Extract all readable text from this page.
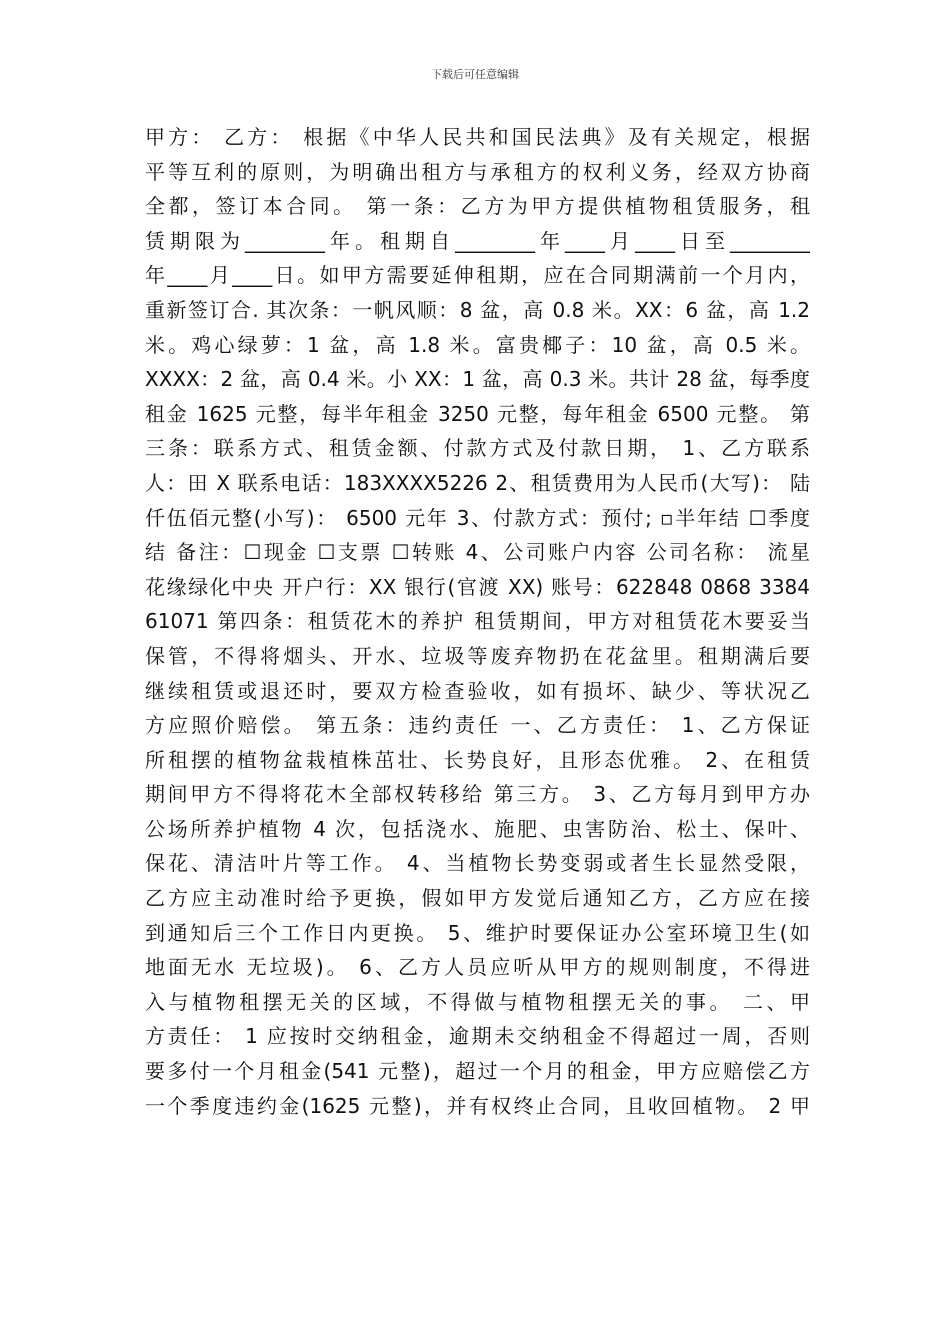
下载后可任意编辑
甲方： 乙方： 根据《中华人民共和国民法典》及有关规定，根据
平等互利的原则，为明确出租方与承租方的权利义务，经双方协商
全都，签订本合同。 第一条：乙方为甲方提供植物租赁服务，租
赁期限为________年。租期自________年____月____日至________
年____月____日。如甲方需要延伸租期，应在合同期满前一个月内，
重新签订合. 其次条：一帆风顺：8 盆，高 0.8 米。XX：6 盆，高 1.2
米。鸡心绿萝：1 盆，高 1.8 米。富贵椰子：10 盆，高 0.5 米。
XXXX：2 盆，高 0.4 米。小 XX：1 盆，高 0.3 米。共计 28 盆，每季度
租金 1625 元整，每半年租金 3250 元整，每年租金 6500 元整。 第
三条：联系方式、租赁金额、付款方式及付款日期， 1、乙方联系
人：田 X 联系电话：183XXXX5226 2、租赁费用为人民币(大写)： 陆
仟伍佰元整(小写)： 6500 元年 3、付款方式：预付; ▫半年结 ☐季度
结 备注：☐现金 ☐支票 ☐转账 4、公司账户内容 公司名称： 流星
花缘绿化中央 开户行：XX 银行(官渡 XX) 账号：622848 0868 3384
61071 第四条：租赁花木的养护 租赁期间，甲方对租赁花木要妥当
保管，不得将烟头、开水、垃圾等废弃物扔在花盆里。租期满后要
继续租赁或退还时，要双方检查验收，如有损坏、缺少、等状况乙
方应照价赔偿。 第五条：违约责任 一、乙方责任： 1、乙方保证
所租摆的植物盆栽植株茁壮、长势良好，且形态优雅。 2、在租赁
期间甲方不得将花木全部权转移给 第三方。 3、乙方每月到甲方办
公场所养护植物 4 次，包括浇水、施肥、虫害防治、松土、保叶、
保花、清洁叶片等工作。 4、当植物长势变弱或者生长显然受限，
乙方应主动准时给予更换，假如甲方发觉后通知乙方，乙方应在接
到通知后三个工作日内更换。 5、维护时要保证办公室环境卫生(如
地面无水 无垃圾)。 6、乙方人员应听从甲方的规则制度，不得进
入与植物租摆无关的区域，不得做与植物租摆无关的事。 二、甲
方责任： 1 应按时交纳租金，逾期未交纳租金不得超过一周，否则
要多付一个月租金(541 元整)，超过一个月的租金，甲方应赔偿乙方
一个季度违约金(1625 元整)，并有权终止合同，且收回植物。 2 甲
